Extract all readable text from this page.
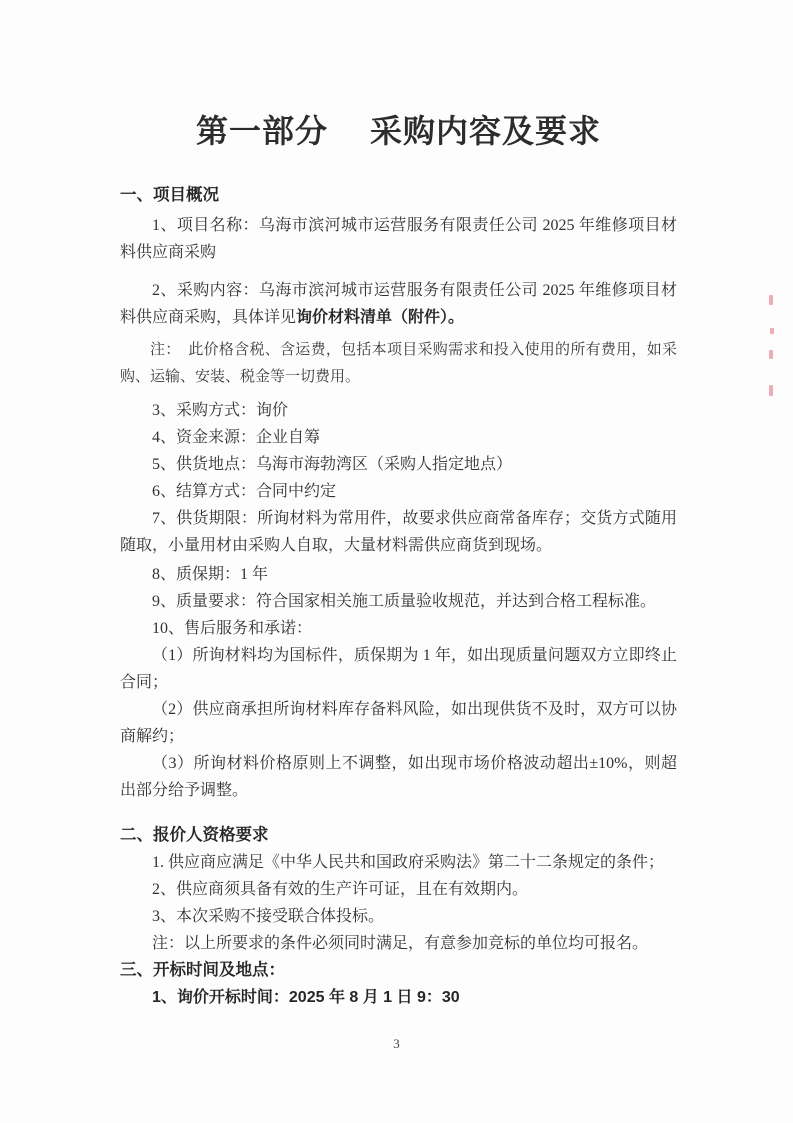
第一部分　 采购内容及要求
一、项目概况

1、项目名称：乌海市滨河城市运营服务有限责任公司 2025 年维修项目材料供应商采购

2、采购内容：乌海市滨河城市运营服务有限责任公司 2025 年维修项目材料供应商采购，具体详见询价材料清单（附件）。

注：　此价格含税、含运费，包括本项目采购需求和投入使用的所有费用，如采购、运输、安装、税金等一切费用。

3、采购方式：询价

4、资金来源：企业自筹

5、供货地点：乌海市海勃湾区（采购人指定地点）

6、结算方式：合同中约定

7、供货期限：所询材料为常用件，故要求供应商常备库存；交货方式随用随取，小量用材由采购人自取，大量材料需供应商货到现场。

8、质保期：1 年

9、质量要求：符合国家相关施工质量验收规范，并达到合格工程标准。

10、售后服务和承诺：

（1）所询材料均为国标件，质保期为 1 年，如出现质量问题双方立即终止合同；

（2）供应商承担所询材料库存备料风险，如出现供货不及时，双方可以协商解约；

（3）所询材料价格原则上不调整，如出现市场价格波动超出±10%，则超出部分给予调整。

二、报价人资格要求

1. 供应商应满足《中华人民共和国政府采购法》第二十二条规定的条件；

2、供应商须具备有效的生产许可证，且在有效期内。

3、本次采购不接受联合体投标。

注：以上所要求的条件必须同时满足，有意参加竞标的单位均可报名。

三、开标时间及地点：

1、询价开标时间：2025 年 8 月 1 日 9：30

3
